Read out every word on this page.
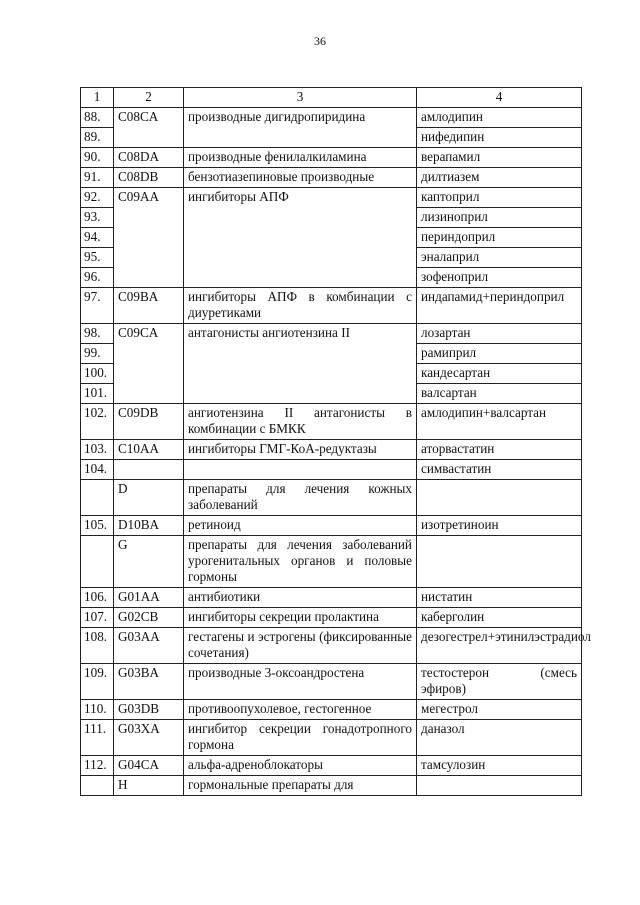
36
1	2	3	4
88.	C08CA	производные дигидропиридина	амлодипин
89.			нифедипин
90.	C08DA	производные фенилалкиламина	верапамил
91.	C08DB	бензотиазепиновые производные	дилтиазем
92.	C09AA	ингибиторы АПФ	каптоприл
93.			лизиноприл
94.			периндоприл
95.			эналаприл
96.			зофеноприл
97.	C09BA	ингибиторы АПФ в комбинации с диуретиками	индапамид+периндоприл
98.	C09CA	антагонисты ангиотензина II	лозартан
99.			рамиприл
100.			кандесартан
101.			валсартан
102.	C09DB	ангиотензина II антагонисты в комбинации с БМКК	амлодипин+валсартан
103.	C10AA	ингибиторы ГМГ-КоА-редуктазы	аторвастатин
104.			симвастатин
	D	препараты для лечения кожных заболеваний	
105.	D10BA	ретиноид	изотретиноин
	G	препараты для лечения заболеваний урогенитальных органов и половые гормоны	
106.	G01AA	антибиотики	нистатин
107.	G02CB	ингибиторы секреции пролактина	каберголин
108.	G03AA	гестагены и эстрогены (фиксированные сочетания)	дезогестрел+этинилэстрадиол
109.	G03BA	производные 3-оксоандростена	тестостерон (смесь эфиров)
110.	G03DB	противоопухолевое, гестогенное	мегестрол
111.	G03XA	ингибитор секреции гонадотропного гормона	даназол
112.	G04CA	альфа-адреноблокаторы	тамсулозин
	H	гормональные препараты для	
